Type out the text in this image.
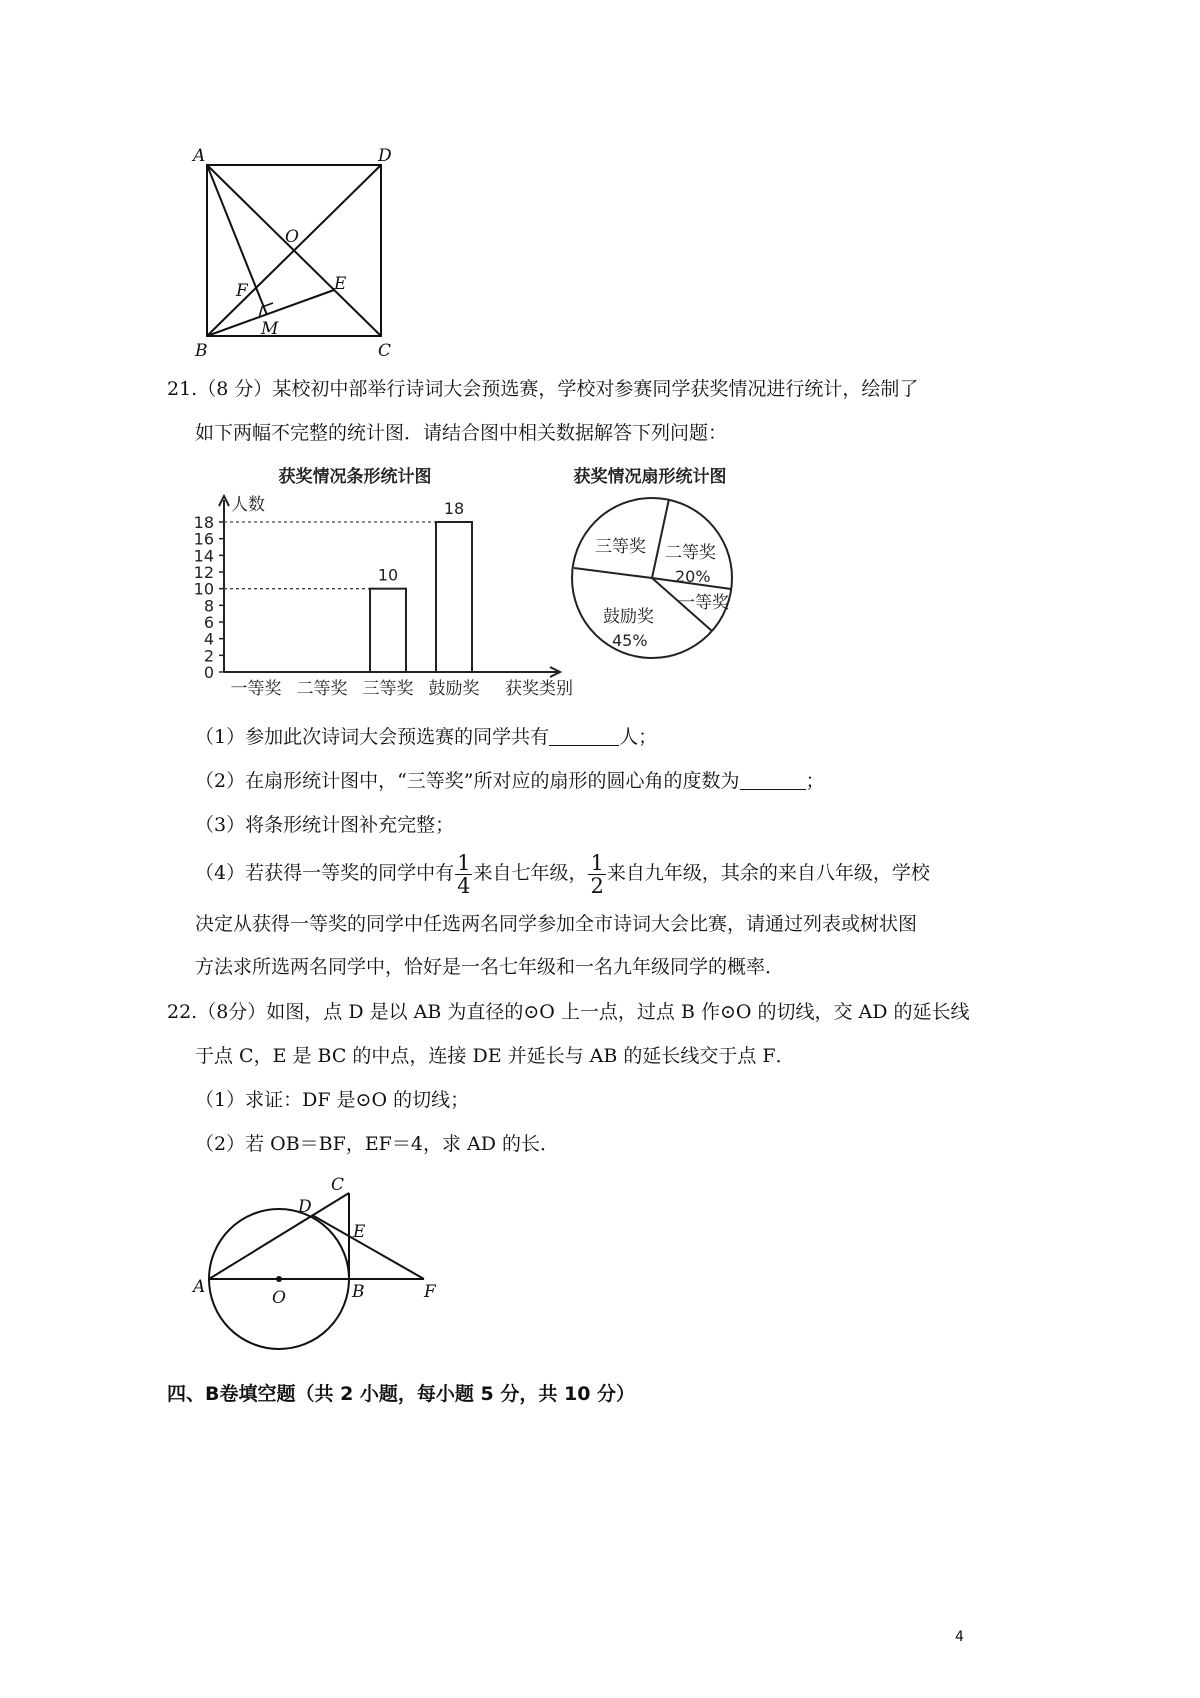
A	D
O
E
F
M
B	C
21.（8 分）某校初中部举行诗词大会预选赛，学校对参赛同学获奖情况进行统计，绘制了
如下两幅不完整的统计图．请结合图中相关数据解答下列问题：
获奖情况条形统计图
人数
获奖类别
0
2
4
6
8
10
12
14
16
18
10
18
一等奖 二等奖 三等奖 鼓励奖
获奖情况扇形统计图
三等奖 二等奖
20%
一等奖
鼓励奖
45%
（1）参加此次诗词大会预选赛的同学共有	人；
（2）在扇形统计图中，“三等奖”所对应的扇形的圆心角的度数为	；
（3）将条形统计图补充完整；
（4）若获得一等奖的同学中有 $\frac{1}{4}$ 来自七年级， $\frac{1}{2}$ 来自九年级，其余的来自八年级，学校
决定从获得一等奖的同学中任选两名同学参加全市诗词大会比赛，请通过列表或树状图
方法求所选两名同学中，恰好是一名七年级和一名九年级同学的概率．
22.（8分）如图，点 D 是以 AB 为直径的⊙O 上一点，过点 B 作⊙O 的切线，交 AD 的延长线
于点 C，E 是 BC 的中点，连接 DE 并延长与 AB 的延长线交于点 F．
（1）求证：DF 是⊙O 的切线；
（2）若 OB＝BF，EF＝4，求 AD 的长．
A
O	B	F
D
C
E
四、B卷填空题（共 2 小题，每小题 5 分，共 10 分）
4
